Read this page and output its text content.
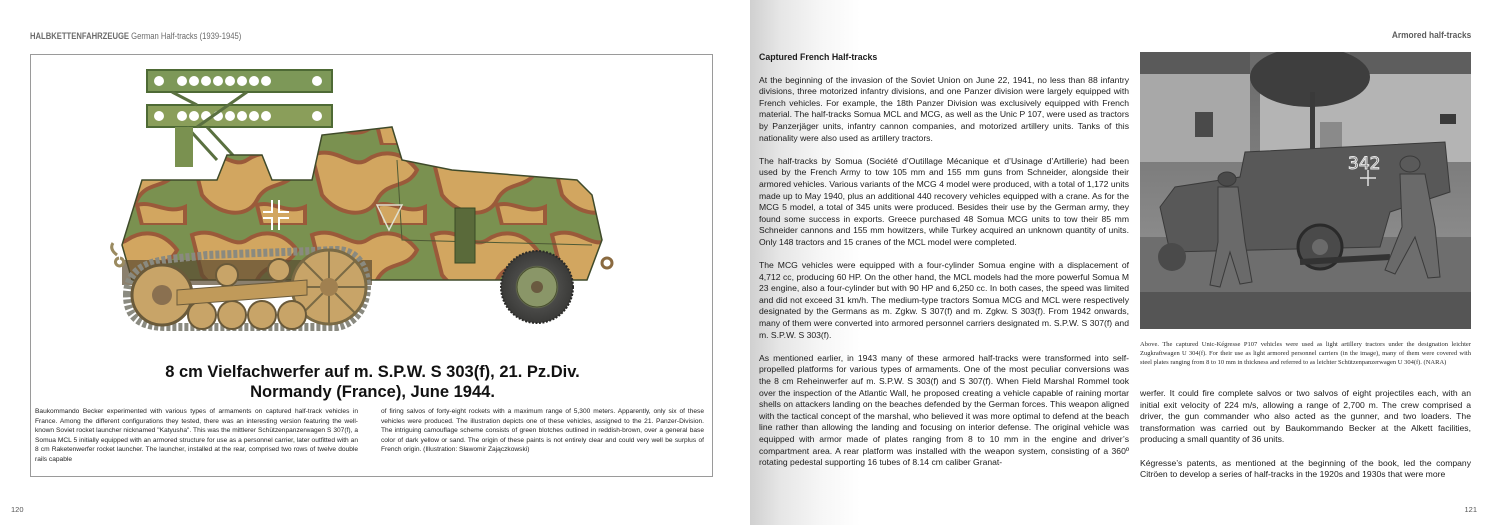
HALBKETTENFAHRZEUGE German Half-tracks (1939-1945)
8 cm Vielfachwerfer auf m. S.P.W. S 303(f), 21. Pz.Div.
Normandy (France), June 1944.
Baukommando Becker experimented with various types of armaments on captured half-track vehicles in France. Among the different configurations they tested, there was an interesting version featuring the well-known Soviet rocket launcher nicknamed "Katyusha". This was the mittlerer Schützenpanzerwagen S 307(f), a Somua MCL 5 initially equipped with an armored structure for use as a personnel carrier, later outfitted with an 8 cm Raketenwerfer rocket launcher. The launcher, installed at the rear, comprised two rows of twelve double rails capable
of firing salvos of forty-eight rockets with a maximum range of 5,300 meters. Apparently, only six of these vehicles were produced. The illustration depicts one of these vehicles, assigned to the 21. Panzer-Division. The intriguing camouflage scheme consists of green blotches outlined in reddish-brown, over a general base color of dark yellow or sand. The origin of these paints is not entirely clear and could very well be surplus of French origin. (Illustration: Sławomir Zajączkowski)
120
Armored half-tracks
121
Captured French Half-tracks

At the beginning of the invasion of the Soviet Union on June 22, 1941, no less than 88 infantry divisions, three motorized infantry divisions, and one Panzer division were largely equipped with French vehicles. For example, the 18th Panzer Division was exclusively equipped with French material. The half-tracks Somua MCL and MCG, as well as the Unic P 107, were used as tractors by Panzerjäger units, infantry cannon companies, and motorized artillery units. Tanks of this nationality were also used as artillery tractors.

The half-tracks by Somua (Société d’Outillage Mécanique et d’Usinage d’Artillerie) had been used by the French Army to tow 105 mm and 155 mm guns from Schneider, alongside their armored vehicles. Various variants of the MCG 4 model were produced, with a total of 1,172 units made up to May 1940, plus an additional 440 recovery vehicles equipped with a crane. As for the MCG 5 model, a total of 345 units were produced. Besides their use by the German army, they found some success in exports. Greece purchased 48 Somua MCG units to tow their 85 mm Schneider cannons and 155 mm howitzers, while Turkey acquired an unknown quantity of units. Only 148 tractors and 15 cranes of the MCL model were completed.

The MCG vehicles were equipped with a four-cylinder Somua engine with a displacement of 4,712 cc, producing 60 HP. On the other hand, the MCL models had the more powerful Somua M 23 engine, also a four-cylinder but with 90 HP and 6,250 cc. In both cases, the speed was limited and did not exceed 31 km/h. The medium-type tractors Somua MCG and MCL were respectively designated by the Germans as m. Zgkw. S 307(f) and m. Zgkw. S 303(f). From 1942 onwards, many of them were converted into armored personnel carriers designated m. S.P.W. S 307(f) and m. S.P.W. S 303(f).

As mentioned earlier, in 1943 many of these armored half-tracks were transformed into self-propelled platforms for various types of armaments. One of the most peculiar conversions was the 8 cm Reheinwerfer auf m. S.P.W. S 303(f) and S 307(f). When Field Marshal Rommel took over the inspection of the Atlantic Wall, he proposed creating a vehicle capable of raining mortar shells on attackers landing on the beaches defended by the German forces. This weapon aligned with the tactical concept of the marshal, who believed it was more optimal to defend at the beach line rather than allowing the landing and focusing on interior defense. The original vehicle was equipped with armor made of plates ranging from 8 to 10 mm in the engine and driver’s compartment area. A rear platform was installed with the weapon system, consisting of a 360º rotating pedestal supporting 16 tubes of 8.14 cm caliber Granat-

342
Above. The captured Unic-Kégresse P107 vehicles were used as light artillery tractors under the designation leichter Zugkraftwagen U 304(f). For their use as light armored personnel carriers (in the image), many of them were covered with steel plates ranging from 8 to 10 mm in thickness and referred to as leichter Schützenpanzerwagen U 304(f). (NARA)

werfer. It could fire complete salvos or two salvos of eight projectiles each, with an initial exit velocity of 224 m/s, allowing a range of 2,700 m. The crew comprised a driver, the gun commander who also acted as the gunner, and two loaders. The transformation was carried out by Baukommando Becker at the Alkett facilities, producing a small quantity of 36 units.

Kégresse’s patents, as mentioned at the beginning of the book, led the company Citröen to develop a series of half-tracks in the 1920s and 1930s that were more
